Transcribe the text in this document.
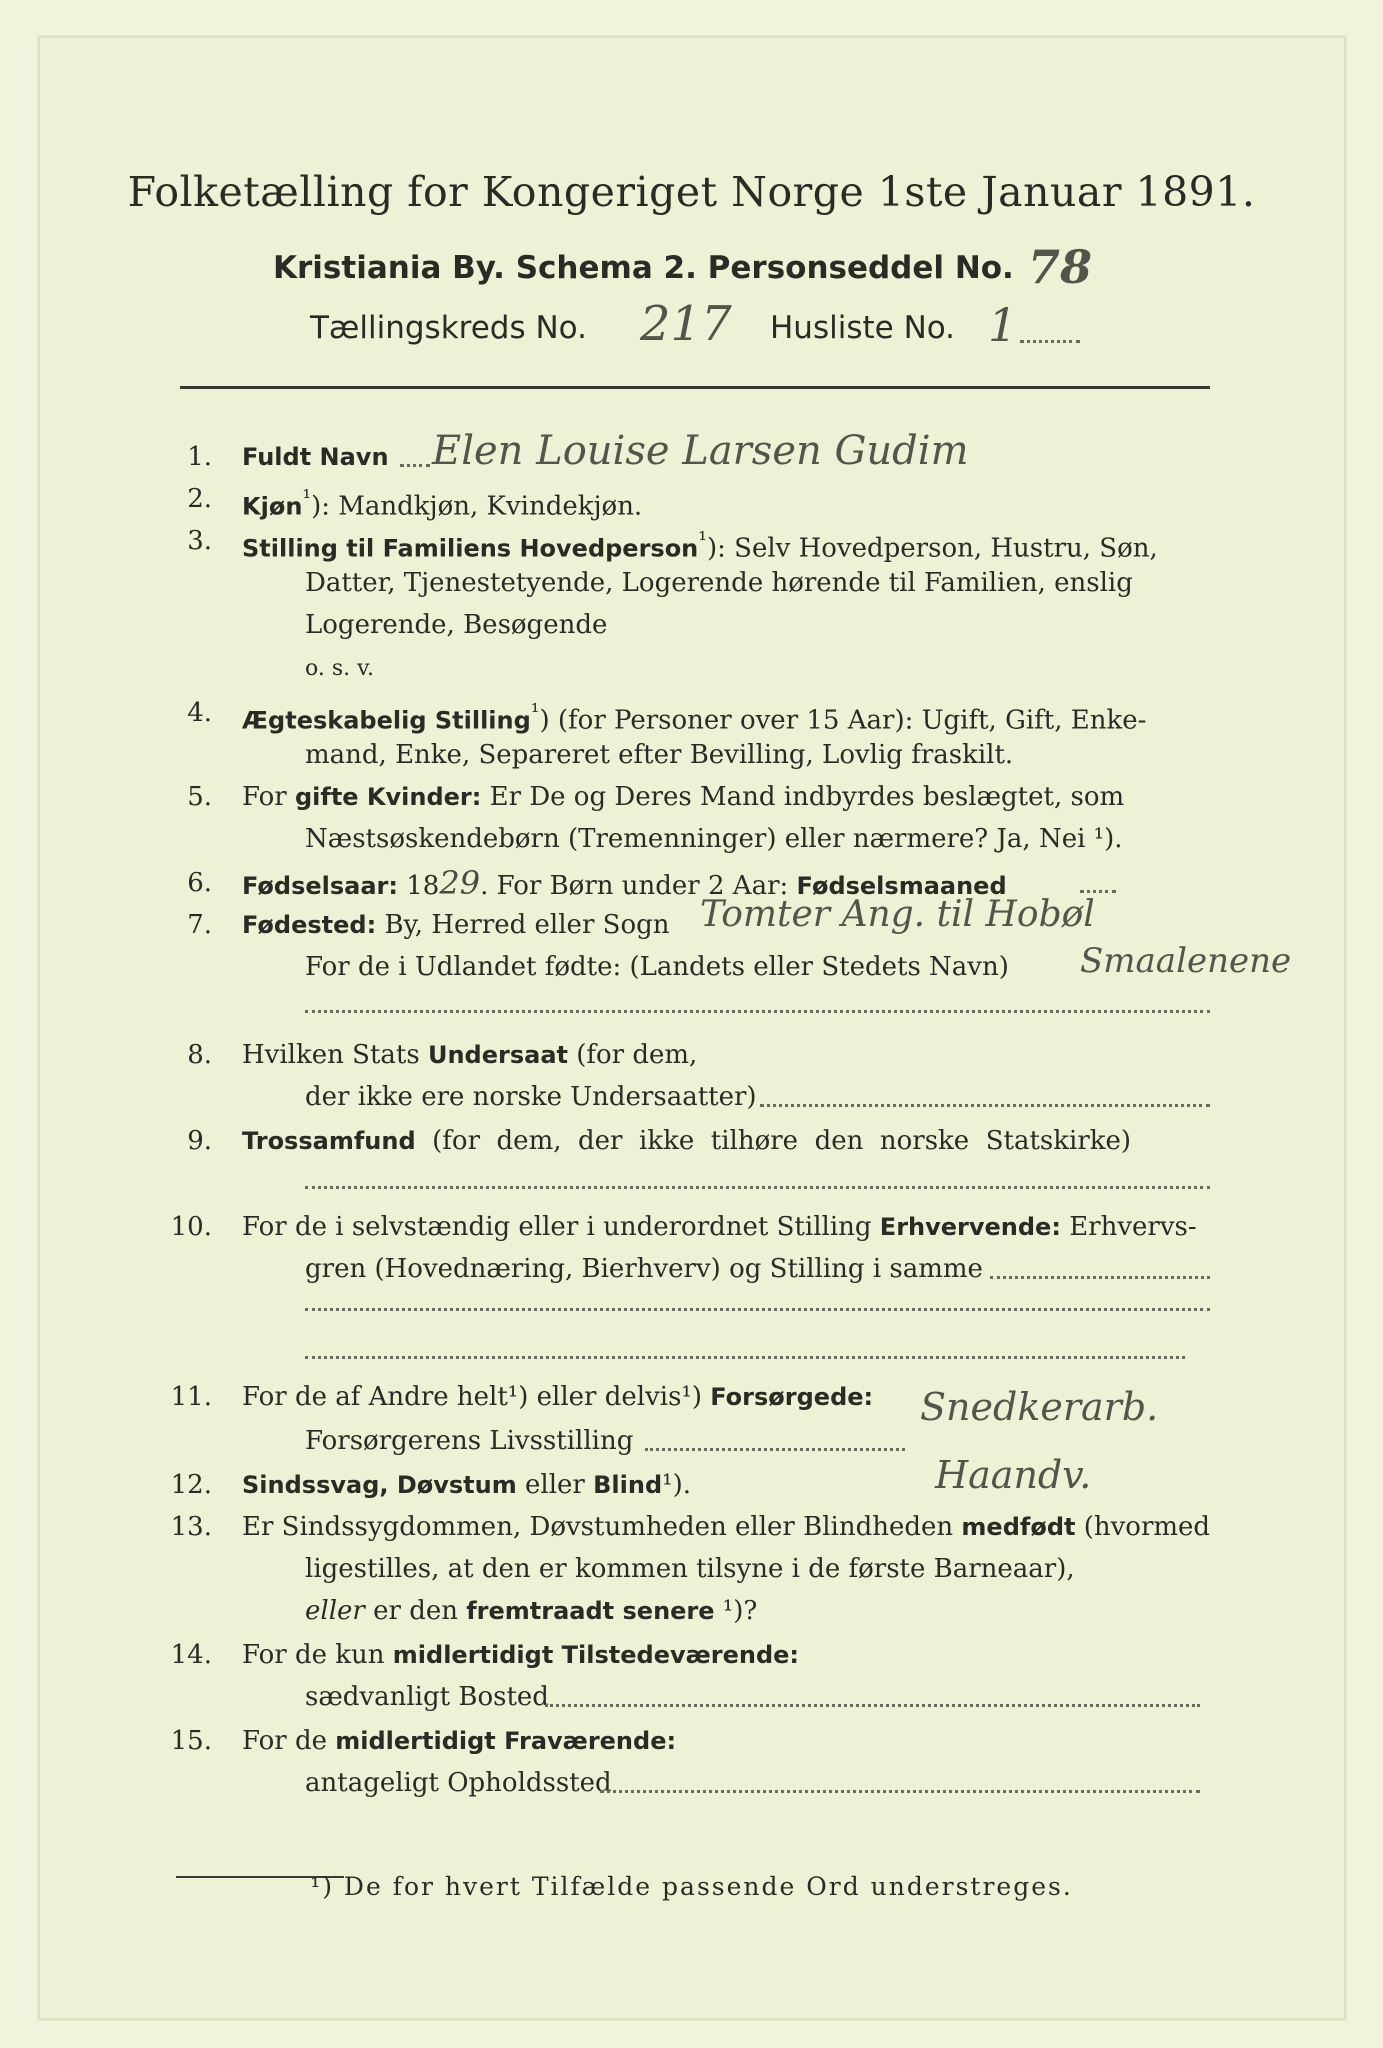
Folketælling for Kongeriget Norge 1ste Januar 1891.
Kristiania By. Schema 2. Personseddel No. 78
Tællingskreds No. 217 Husliste No. 1
1. Fuldt Navn Elen Louise Larsen Gudim
2. Kjøn$^{^1}$): Mandkjøn, Kvindekjøn.
3. Stilling til Familiens Hovedperson$^{^1}$): Selv Hovedperson, Hustru, Søn,
Datter, Tjenestetyende, Logerende hørende til Familien, enslig
Logerende, Besøgende
o. s. v.
4. Ægteskabelig Stilling$^{^1}$) (for Personer over 15 Aar): Ugift, Gift, Enke-
mand, Enke, Separeret efter Bevilling, Lovlig fraskilt.
5. For gifte Kvinder: Er De og Deres Mand indbyrdes beslægtet, som
Næstsøskendebørn (Tremenninger) eller nærmere? Ja, Nei ¹).
6. Fødselsaar: 1829. For Børn under 2 Aar: Fødselsmaaned
7. Fødested: By, Herred eller Sogn Tomter Ang. til Hobøl
For de i Udlandet fødte: (Landets eller Stedets Navn) Smaalenene
8. Hvilken Stats Undersaat (for dem,
der ikke ere norske Undersaatter)
9. Trossamfund  (for  dem,  der  ikke  tilhøre  den  norske  Statskirke)
10. For de i selvstændig eller i underordnet Stilling Erhvervende: Erhvervs-
gren (Hovednæring, Bierhverv) og Stilling i samme
11. For de af Andre helt¹) eller delvis¹) Forsørgede:
Forsørgerens Livsstilling
Snedkerarb.
12. Sindssvag, Døvstum eller Blind¹).	Haandv.
13. Er Sindssygdommen, Døvstumheden eller Blindheden medfødt (hvormed
ligestilles, at den er kommen tilsyne i de første Barneaar),
eller er den fremtraadt senere ¹)?
14. For de kun midlertidigt Tilstedeværende:
sædvanligt Bosted
15. For de midlertidigt Fraværende:
antageligt Opholdssted
¹) De for hvert Tilfælde passende Ord understreges.
